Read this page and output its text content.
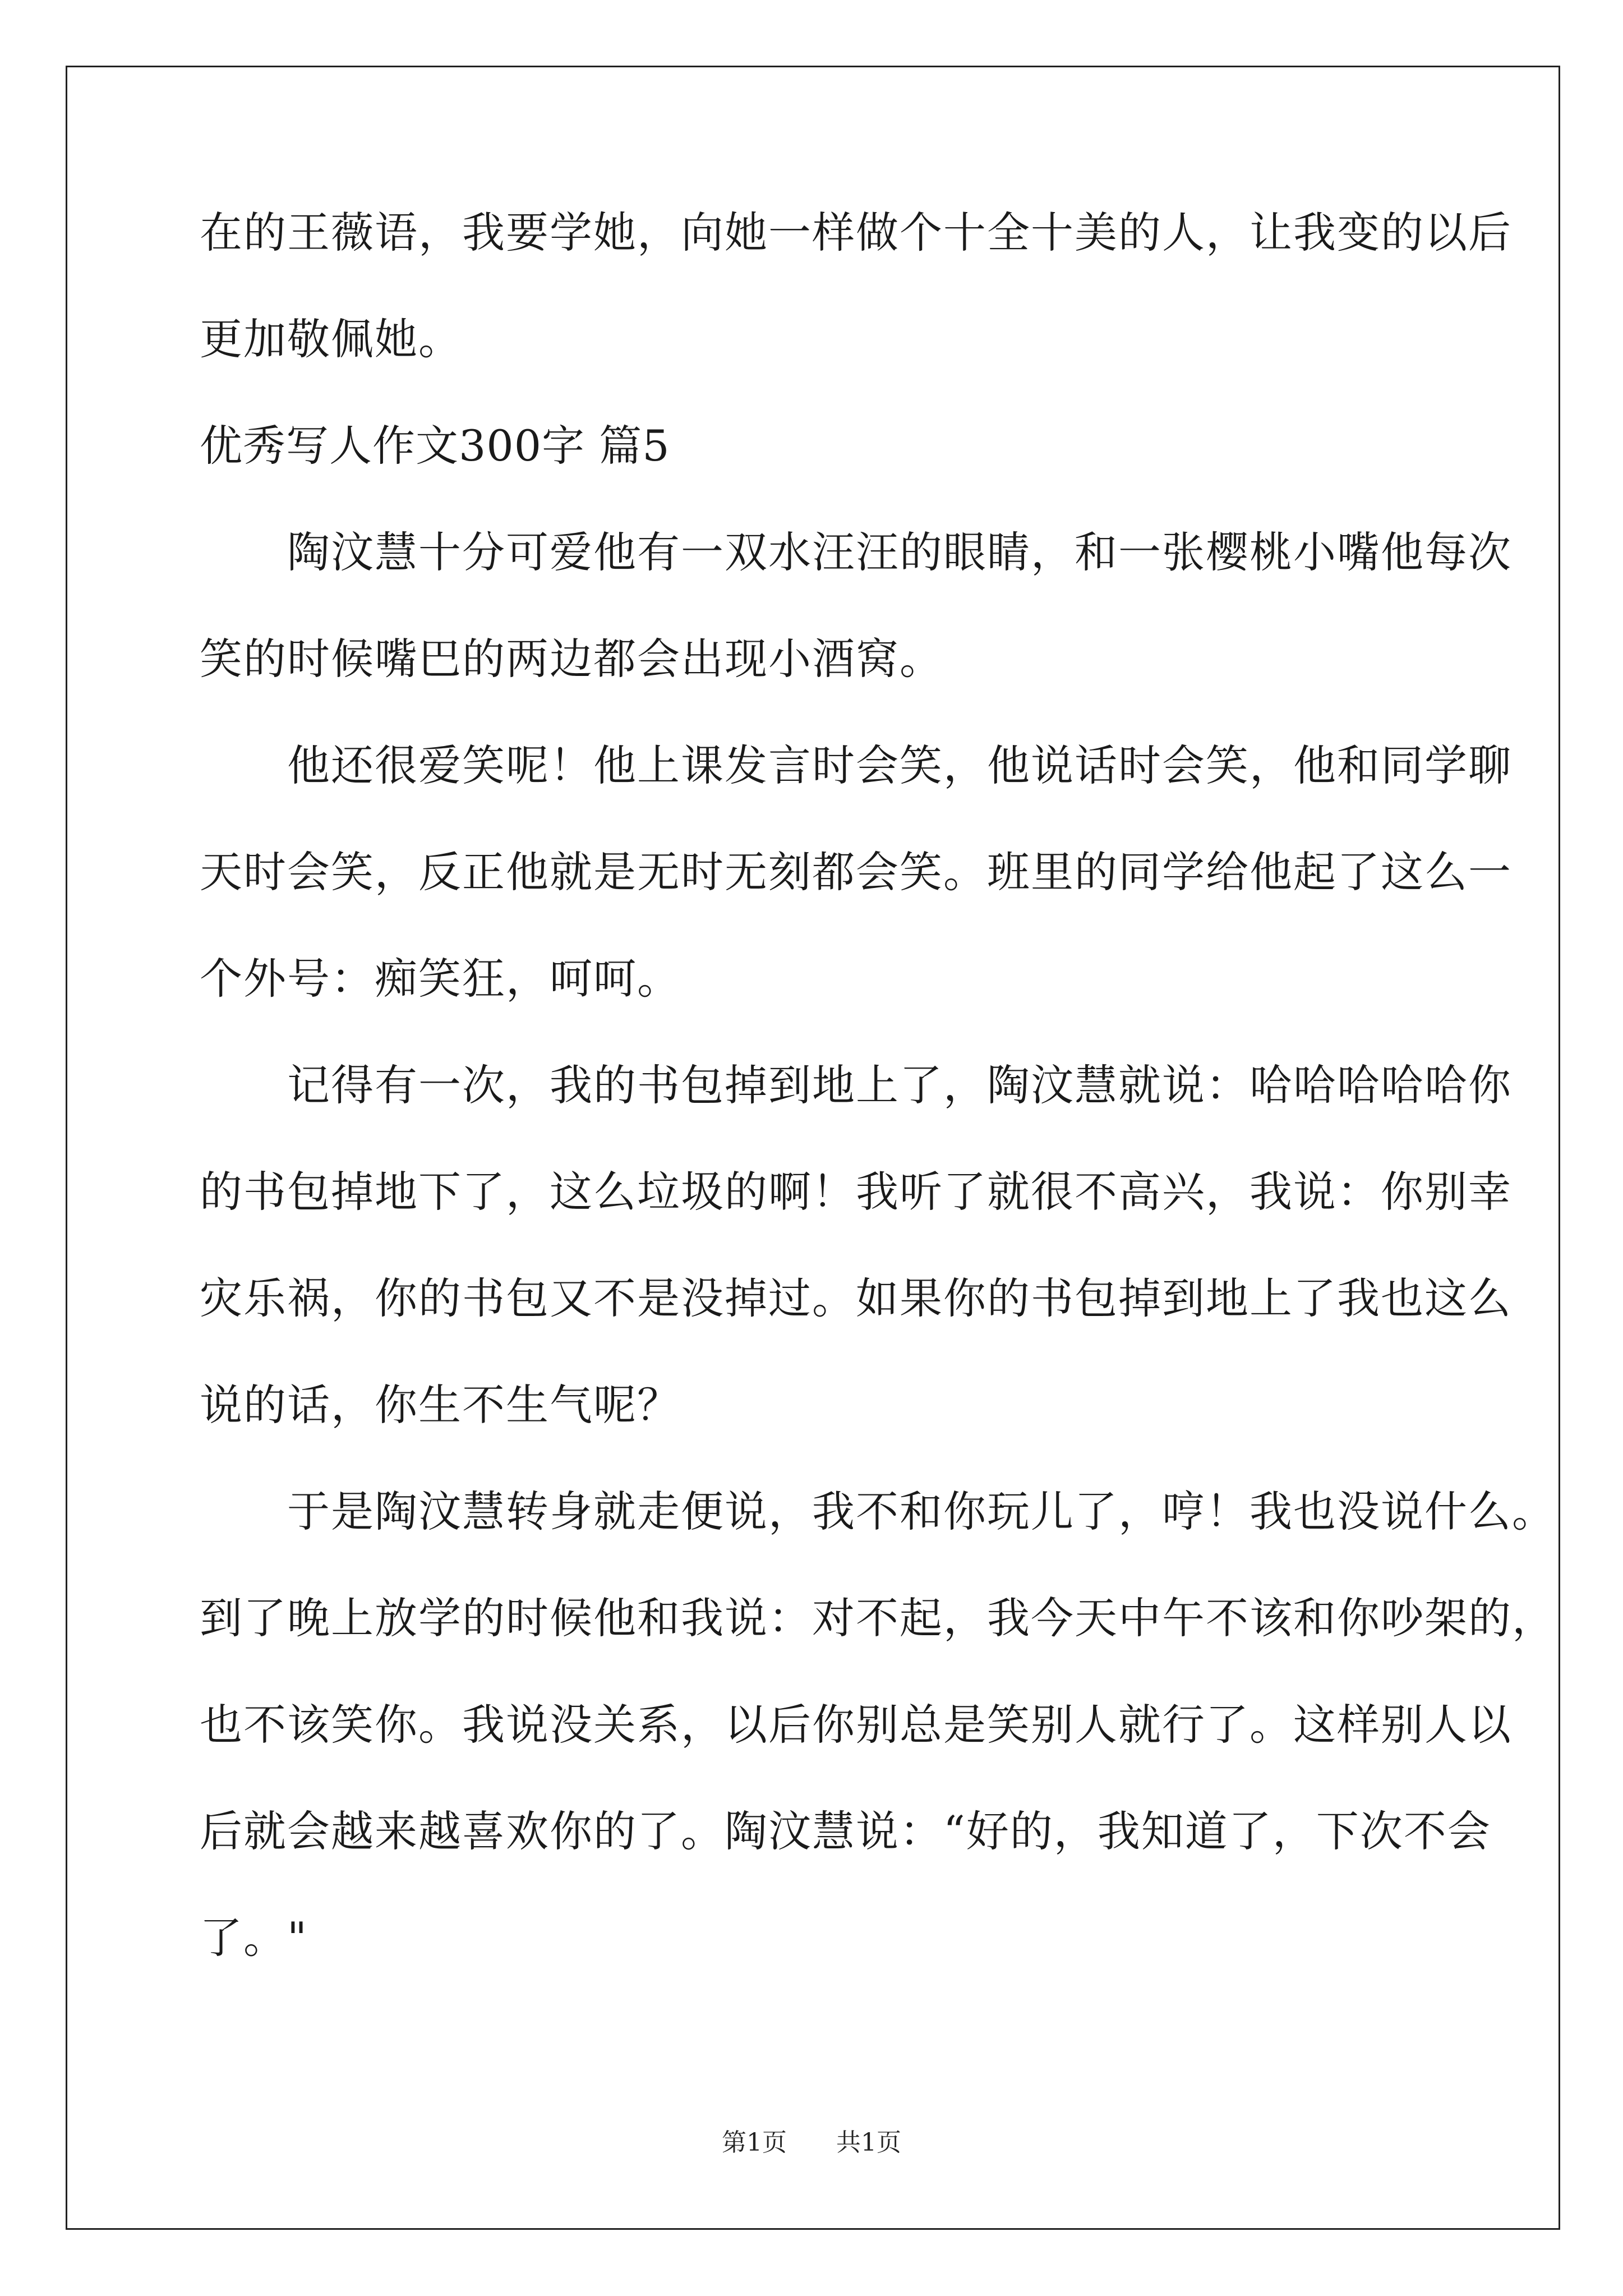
在的王薇语，我要学她，向她一样做个十全十美的人，让我变的以后
更加敬佩她。
优秀写人作文300字 篇5
　　陶汶慧十分可爱他有一双水汪汪的眼睛，和一张樱桃小嘴他每次
笑的时候嘴巴的两边都会出现小酒窝。
　　他还很爱笑呢！他上课发言时会笑，他说话时会笑，他和同学聊
天时会笑，反正他就是无时无刻都会笑。班里的同学给他起了这么一
个外号：痴笑狂，呵呵。
　　记得有一次，我的书包掉到地上了，陶汶慧就说：哈哈哈哈哈你
的书包掉地下了，这么垃圾的啊！我听了就很不高兴，我说：你别幸
灾乐祸，你的书包又不是没掉过。如果你的书包掉到地上了我也这么
说的话，你生不生气呢？
　　于是陶汶慧转身就走便说，我不和你玩儿了，哼！我也没说什么。
到了晚上放学的时候他和我说：对不起，我今天中午不该和你吵架的，
也不该笑你。我说没关系，以后你别总是笑别人就行了。这样别人以
后就会越来越喜欢你的了。陶汶慧说：“好的，我知道了，下次不会
了。"
第1页 共1页
